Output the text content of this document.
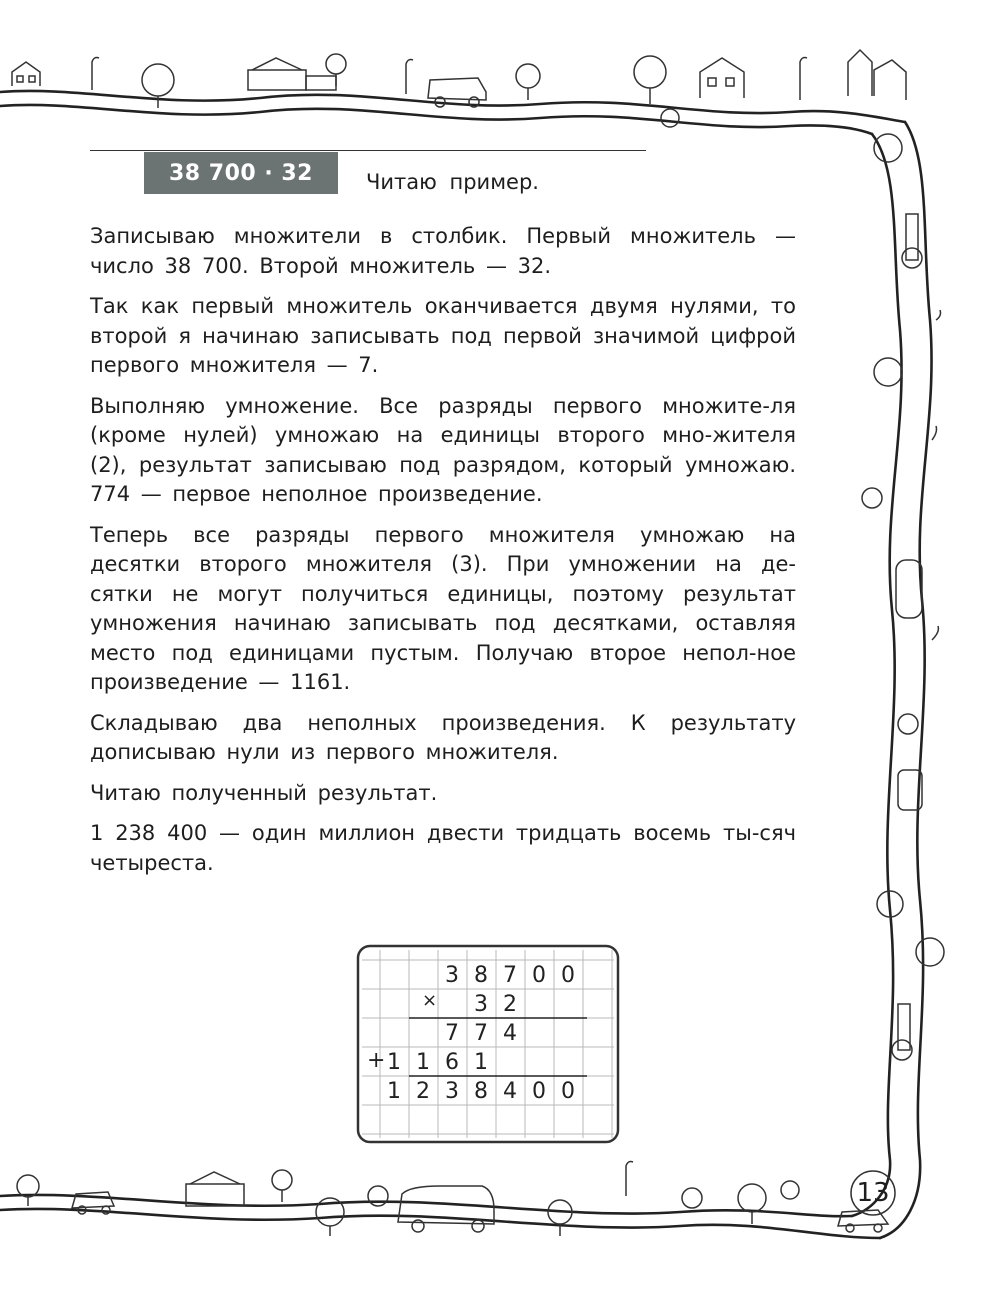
38 700 · 32	Читаю пример.

Записываю множители в столбик. Первый множитель — число 38 700. Второй множитель — 32.

Так как первый множитель оканчивается двумя нулями, то второй я начинаю записывать под первой значимой цифрой первого множителя — 7.

Выполняю умножение. Все разряды первого множите-ля (кроме нулей) умножаю на единицы второго мно-жителя (2), результат записываю под разрядом, который умножаю. 774 — первое неполное произведение.

Теперь все разряды первого множителя умножаю на десятки второго множителя (3). При умножении на де-сятки не могут получиться единицы, поэтому результат умножения начинаю записывать под десятками, оставляя место под единицами пустым. Получаю второе непол-ное произведение — 1161.

Складываю два неполных произведения. К результату дописываю нули из первого множителя.

Читаю полученный результат.

1 238 400 — один миллион двести тридцать восемь ты-сяч четыреста.

3 8 7 0 0
3 2
7 7 4
1 1 6 1
1 2 3 8 4 0 0
×
+
13
